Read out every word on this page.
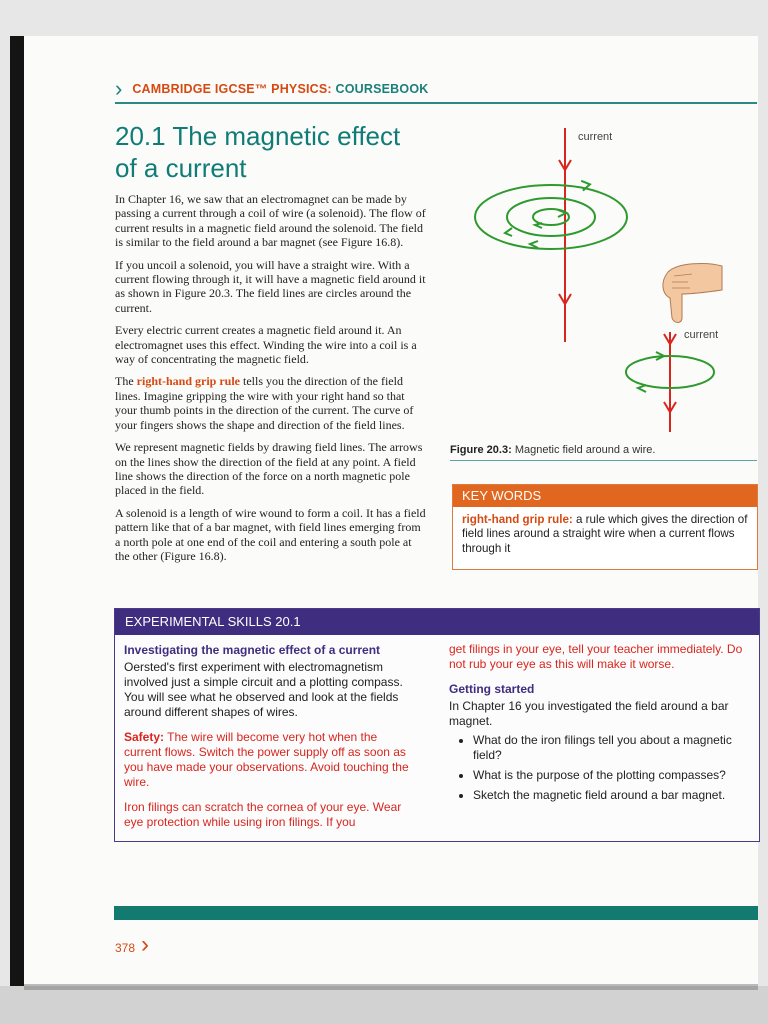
› CAMBRIDGE IGCSE™ PHYSICS: COURSEBOOK
20.1 The magnetic effect
of a current

In Chapter 16, we saw that an electromagnet can be made by passing a current through a coil of wire (a solenoid). The flow of current results in a magnetic field around the solenoid. The field is similar to the field around a bar magnet (see Figure 16.8).

If you uncoil a solenoid, you will have a straight wire. With a current flowing through it, it will have a magnetic field around it as shown in Figure 20.3. The field lines are circles around the current.

Every electric current creates a magnetic field around it. An electromagnet uses this effect. Winding the wire into a coil is a way of concentrating the magnetic field.

The right-hand grip rule tells you the direction of the field lines. Imagine gripping the wire with your right hand so that your thumb points in the direction of the current. The curve of your fingers shows the shape and direction of the field lines.

We represent magnetic fields by drawing field lines. The arrows on the lines show the direction of the field at any point. A field line shows the direction of the force on a north magnetic pole placed in the field.

A solenoid is a length of wire wound to form a coil. It has a field pattern like that of a bar magnet, with field lines emerging from a north pole at one end of the coil and entering a south pole at the other (Figure 16.8).

current
current
Figure 20.3: Magnetic field around a wire.
KEY WORDS
right-hand grip rule: a rule which gives the direction of field lines around a straight wire when a current flows through it
EXPERIMENTAL SKILLS 20.1

Investigating the magnetic effect of a current

Oersted's first experiment with electromagnetism involved just a simple circuit and a plotting compass. You will see what he observed and look at the fields around different shapes of wires.

Safety: The wire will become very hot when the current flows. Switch the power supply off as soon as you have made your observations. Avoid touching the wire.

Iron filings can scratch the cornea of your eye. Wear eye protection while using iron filings. If you

get filings in your eye, tell your teacher immediately. Do not rub your eye as this will make it worse.

Getting started

In Chapter 16 you investigated the field around a bar magnet.

• What do the iron filings tell you about a magnetic field?
• What is the purpose of the plotting compasses?
• Sketch the magnetic field around a bar magnet.
378 ›
